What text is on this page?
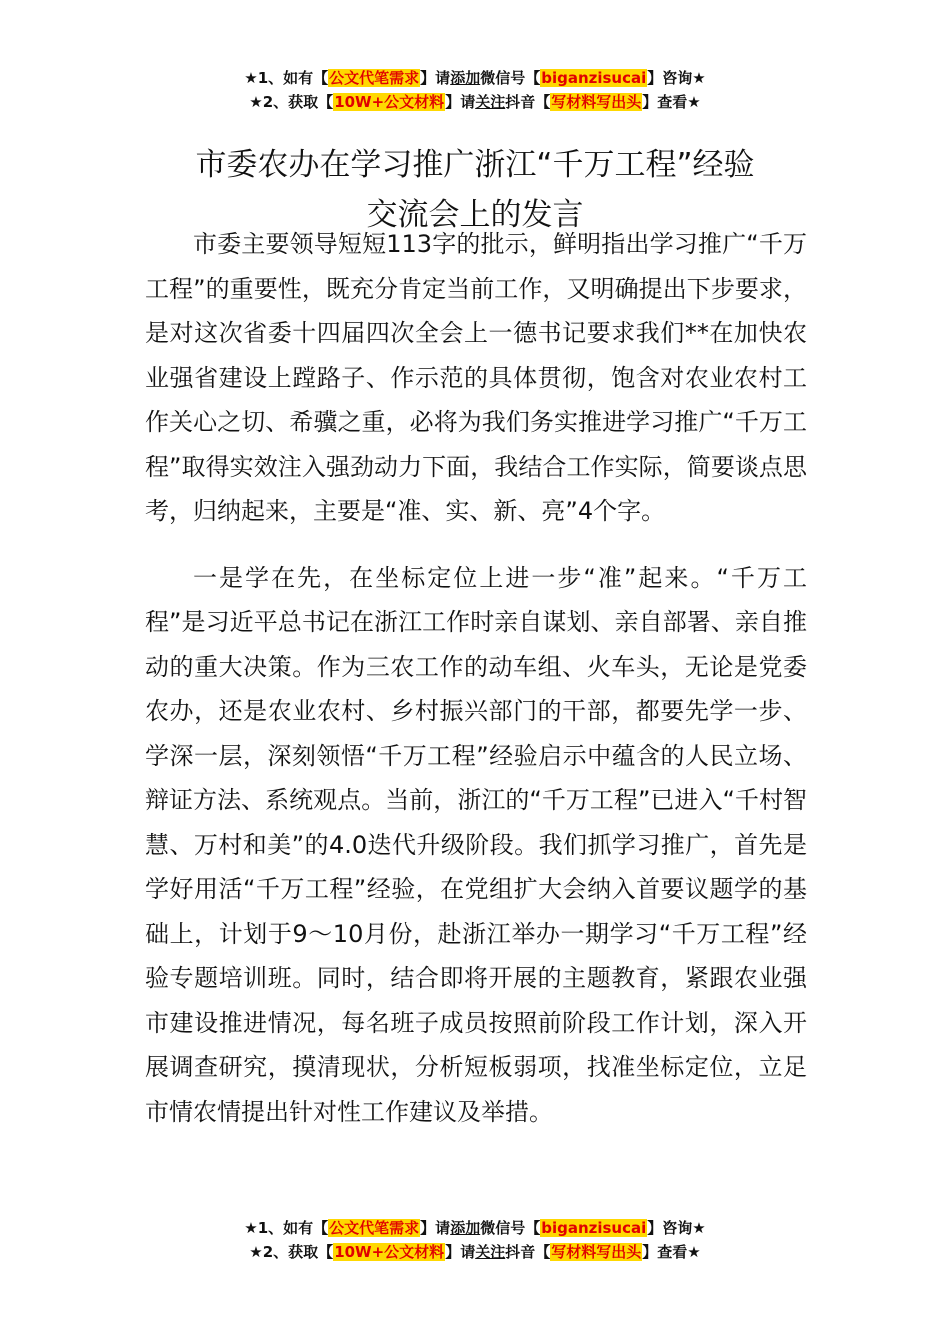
★1、如有【公文代笔需求】请添加微信号【biganzisucai】咨询★
★2、获取【10W+公文材料】请关注抖音【写材料写出头】查看★
市委农办在学习推广浙江“千万工程”经验
交流会上的发言

市委主要领导短短113字的批示，鲜明指出学习推广“千万工程”的重要性，既充分肯定当前工作，又明确提出下步要求，是对这次省委十四届四次全会上一德书记要求我们**在加快农业强省建设上蹚路子、作示范的具体贯彻，饱含对农业农村工作关心之切、希骥之重，必将为我们务实推进学习推广“千万工程”取得实效注入强劲动力下面，我结合工作实际，简要谈点思考，归纳起来，主要是“准、实、新、亮”4个字。

一是学在先，在坐标定位上进一步“准”起来。“千万工程”是习近平总书记在浙江工作时亲自谋划、亲自部署、亲自推动的重大决策。作为三农工作的动车组、火车头，无论是党委农办，还是农业农村、乡村振兴部门的干部，都要先学一步、学深一层，深刻领悟“千万工程”经验启示中蕴含的人民立场、辩证方法、系统观点。当前，浙江的“千万工程”已进入“千村智慧、万村和美”的4.0迭代升级阶段。我们抓学习推广，首先是学好用活“千万工程”经验，在党组扩大会纳入首要议题学的基础上，计划于9～10月份，赴浙江举办一期学习“千万工程”经验专题培训班。同时，结合即将开展的主题教育，紧跟农业强市建设推进情况，每名班子成员按照前阶段工作计划，深入开展调查研究，摸清现状，分析短板弱项，找准坐标定位，立足市情农情提出针对性工作建议及举措。

★1、如有【公文代笔需求】请添加微信号【biganzisucai】咨询★
★2、获取【10W+公文材料】请关注抖音【写材料写出头】查看★
